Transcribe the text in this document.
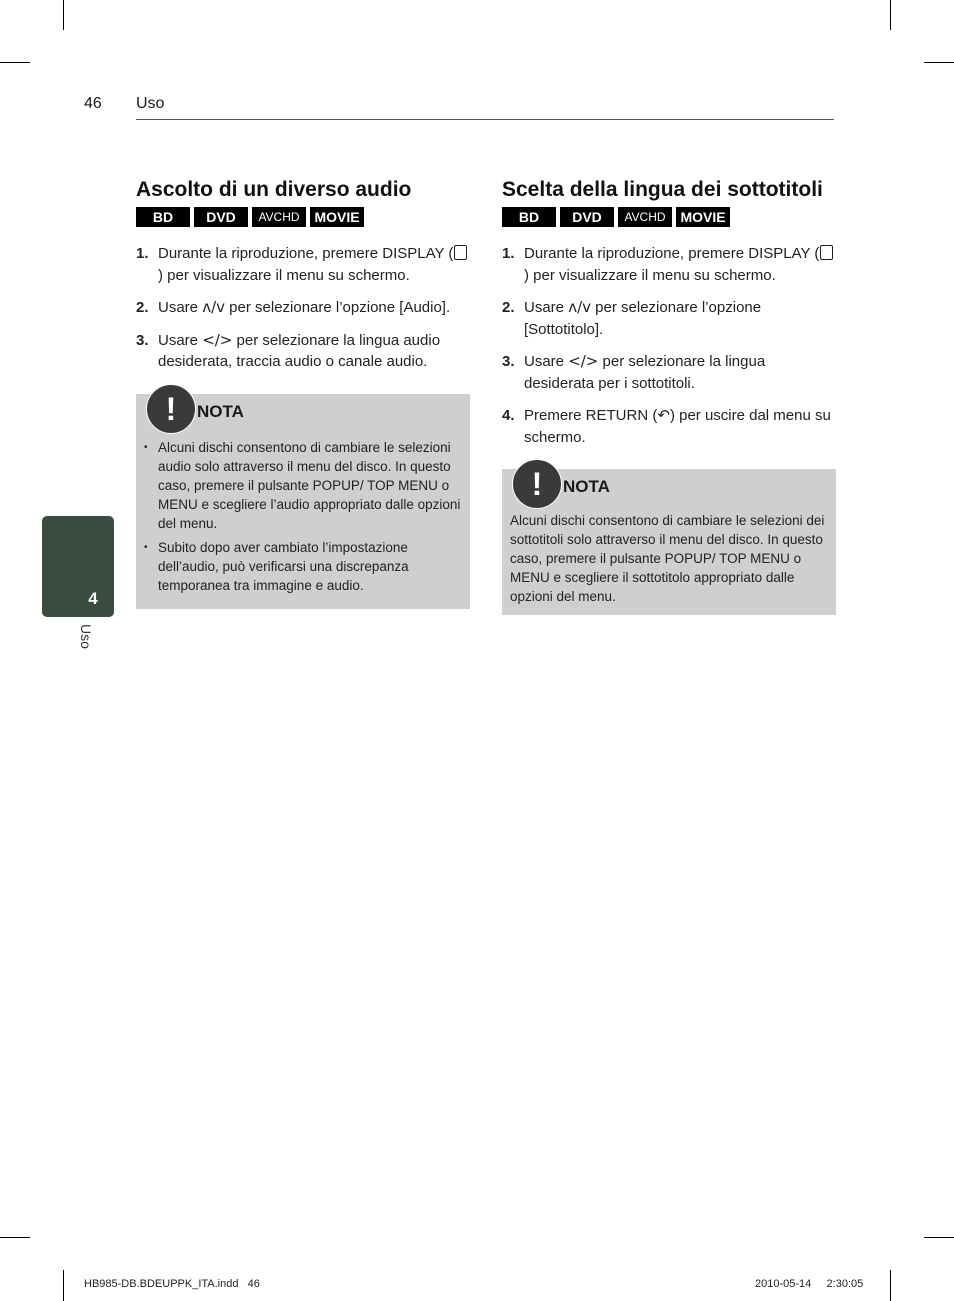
46 Uso
4
Uso
Ascolto di un diverso audio
BD	DVD	AVCHD	MOVIE
1. Durante la riproduzione, premere DISPLAY () per visualizzare il menu su schermo.
2. Usare ʌ/v per selezionare l’opzione [Audio].
3. Usare </> per selezionare la lingua audio desiderata, traccia audio o canale audio.
!	NOTA
• Alcuni dischi consentono di cambiare le selezioni audio solo attraverso il menu del disco. In questo caso, premere il pulsante POPUP/ TOP MENU o MENU e scegliere l’audio appropriato dalle opzioni del menu.
• Subito dopo aver cambiato l’impostazione dell’audio, può verificarsi una discrepanza temporanea tra immagine e audio.
Scelta della lingua dei sottotitoli
BD	DVD	AVCHD	MOVIE
1. Durante la riproduzione, premere DISPLAY () per visualizzare il menu su schermo.
2. Usare ʌ/v per selezionare l’opzione [Sottotitolo].
3. Usare </> per selezionare la lingua desiderata per i sottotitoli.
4. Premere RETURN (↶) per uscire dal menu su schermo.
!	NOTA

Alcuni dischi consentono di cambiare le selezioni dei sottotitoli solo attraverso il menu del disco. In questo caso, premere il pulsante POPUP/ TOP MENU o MENU e scegliere il sottotitolo appropriato dalle opzioni del menu.

HB985-DB.BDEUPPK_ITA.indd   46	2010-05-14     2:30:05
